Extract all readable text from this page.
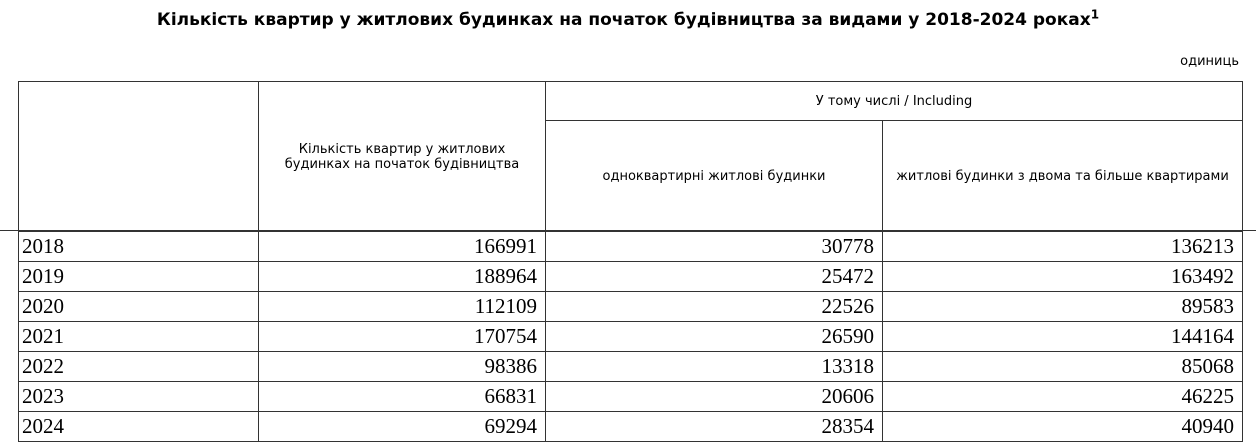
Кількість квартир у житлових будинках на початок будівництва за видами у 2018-2024 роках$^1$
одиниць
	Кількість квартир у житлових будинках на початок будівництва	У тому числі / Including	
		одноквартирні житлові будинки	житлові будинки з двома та більше квартирами
2018	166991	30778	136213
2019	188964	25472	163492
2020	112109	22526	89583
2021	170754	26590	144164
2022	98386	13318	85068
2023	66831	20606	46225
2024	69294	28354	40940
